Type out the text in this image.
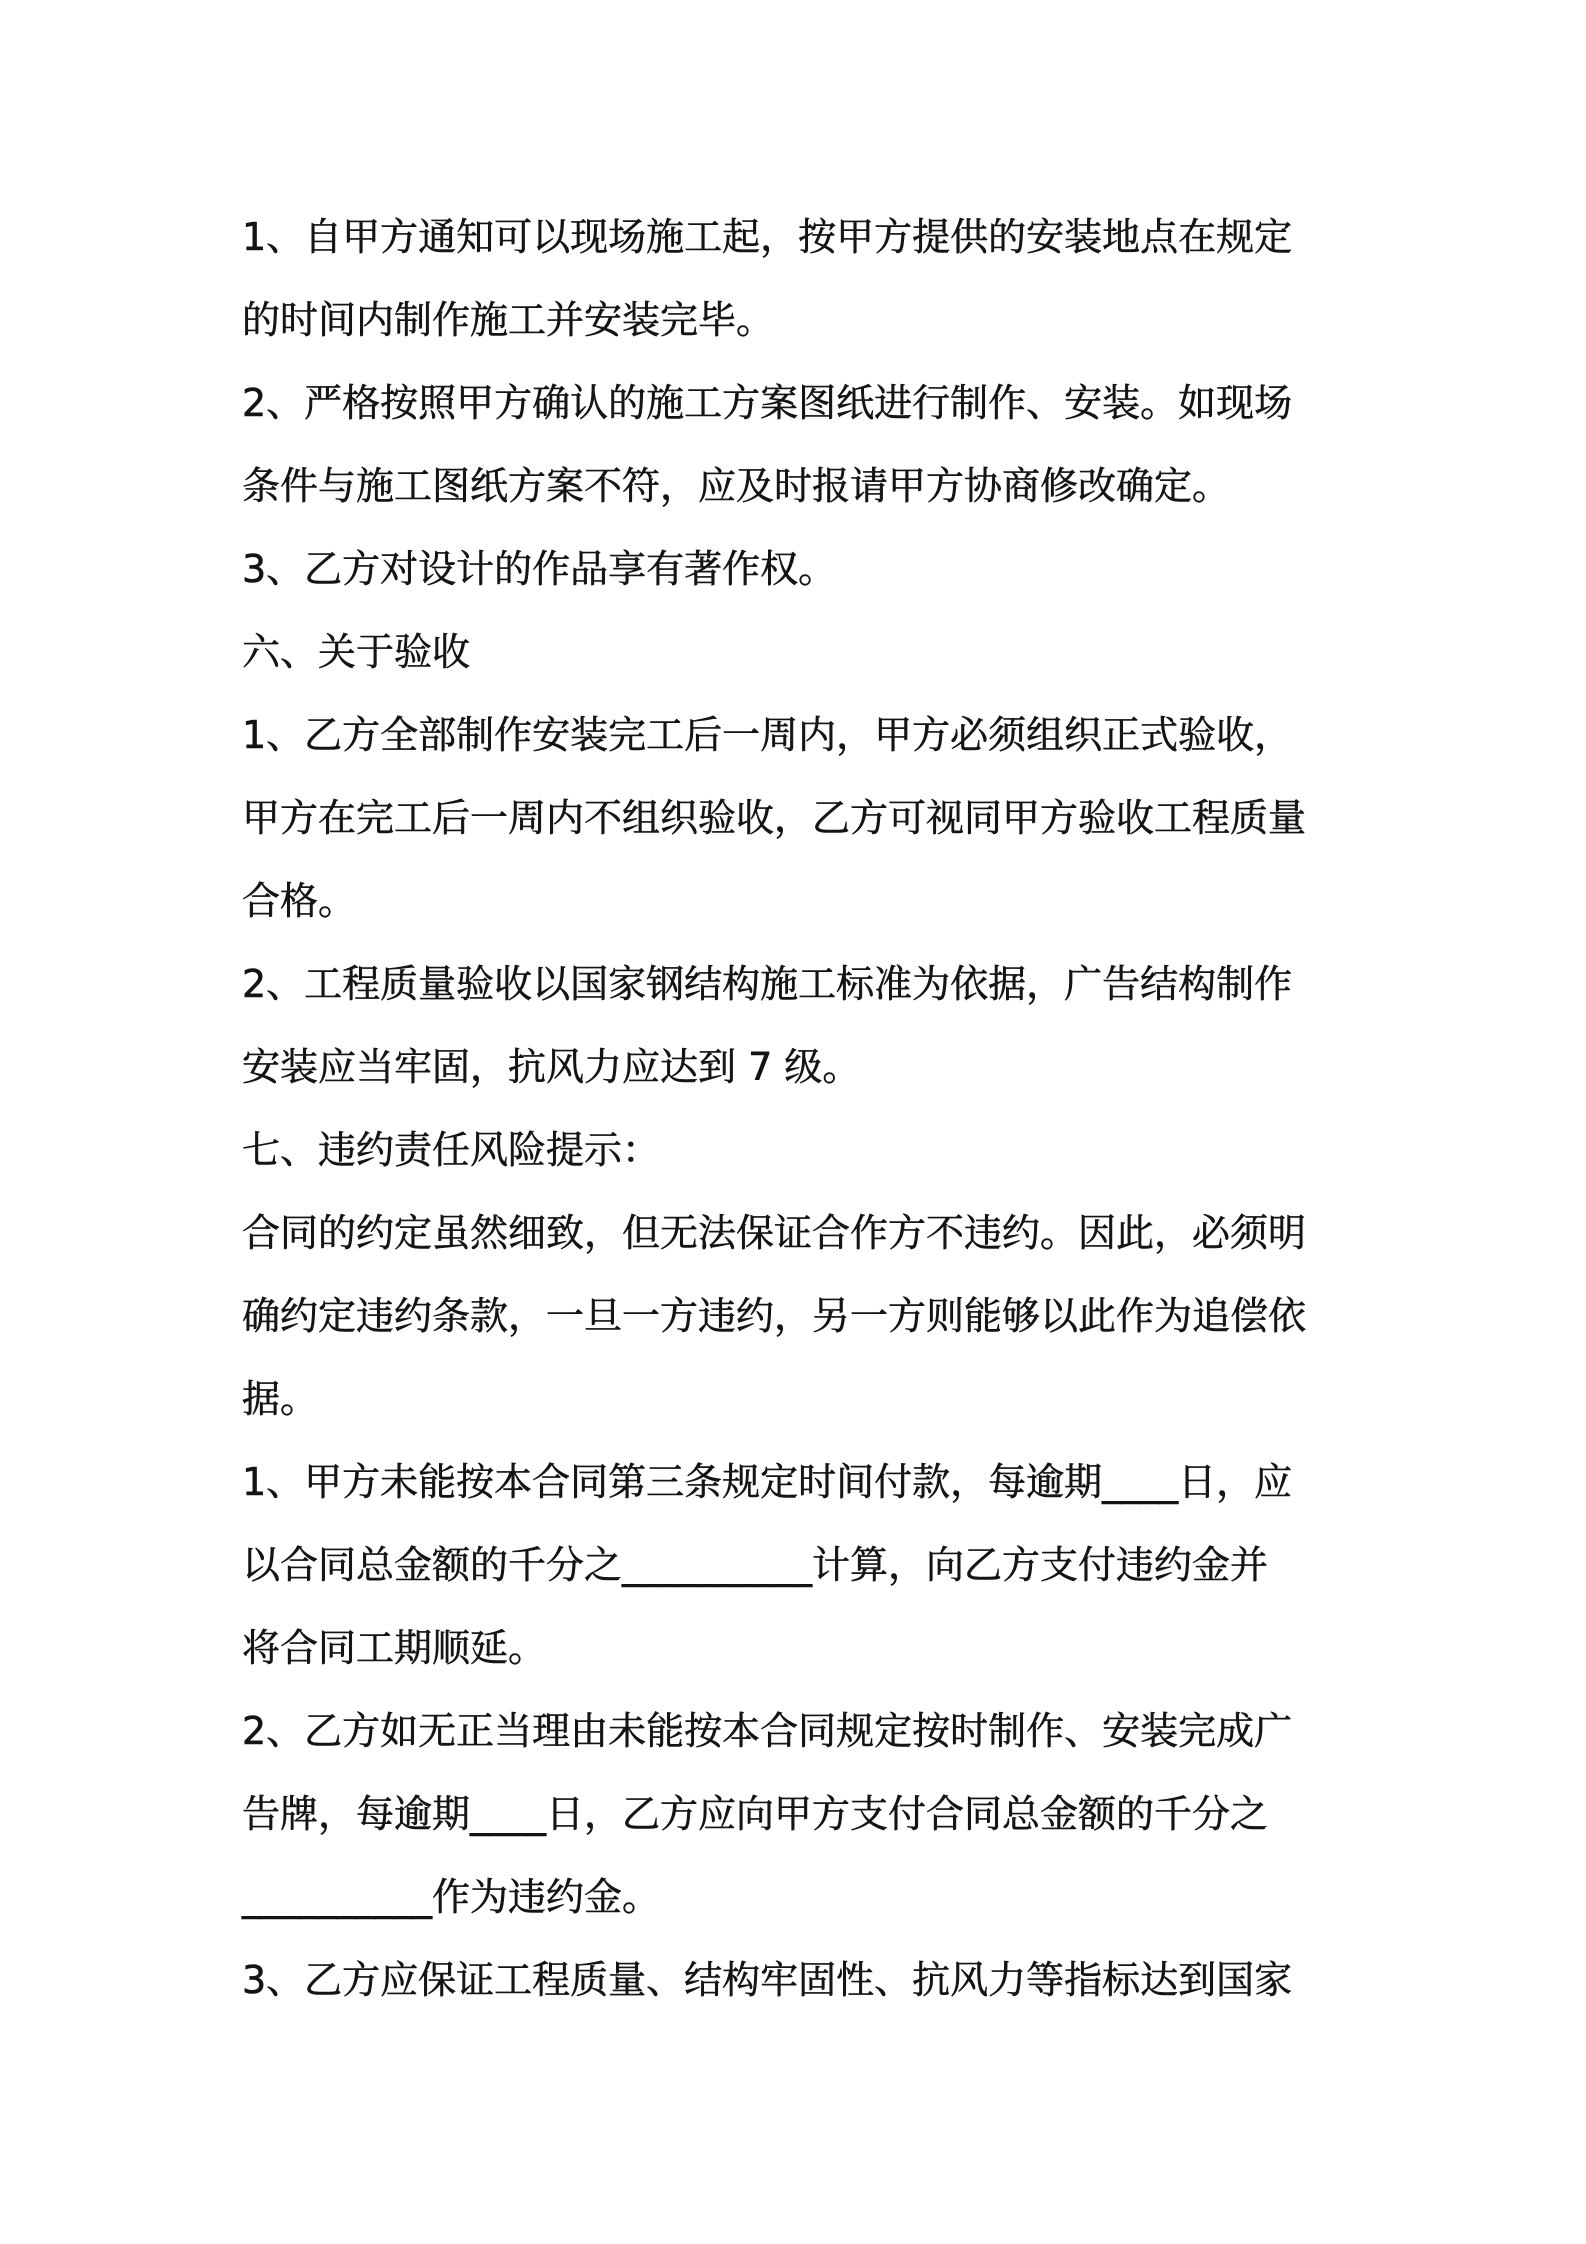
1、自甲方通知可以现场施工起，按甲方提供的安装地点在规定

的时间内制作施工并安装完毕。

2、严格按照甲方确认的施工方案图纸进行制作、安装。如现场

条件与施工图纸方案不符，应及时报请甲方协商修改确定。

3、乙方对设计的作品享有著作权。

六、关于验收

1、乙方全部制作安装完工后一周内，甲方必须组织正式验收，

甲方在完工后一周内不组织验收，乙方可视同甲方验收工程质量

合格。

2、工程质量验收以国家钢结构施工标准为依据，广告结构制作

安装应当牢固，抗风力应达到 7 级。

七、违约责任风险提示：

合同的约定虽然细致，但无法保证合作方不违约。因此，必须明

确约定违约条款，一旦一方违约，另一方则能够以此作为追偿依

据。

1、甲方未能按本合同第三条规定时间付款，每逾期____日，应

以合同总金额的千分之__________计算，向乙方支付违约金并

将合同工期顺延。

2、乙方如无正当理由未能按本合同规定按时制作、安装完成广

告牌，每逾期____日，乙方应向甲方支付合同总金额的千分之

__________作为违约金。

3、乙方应保证工程质量、结构牢固性、抗风力等指标达到国家
